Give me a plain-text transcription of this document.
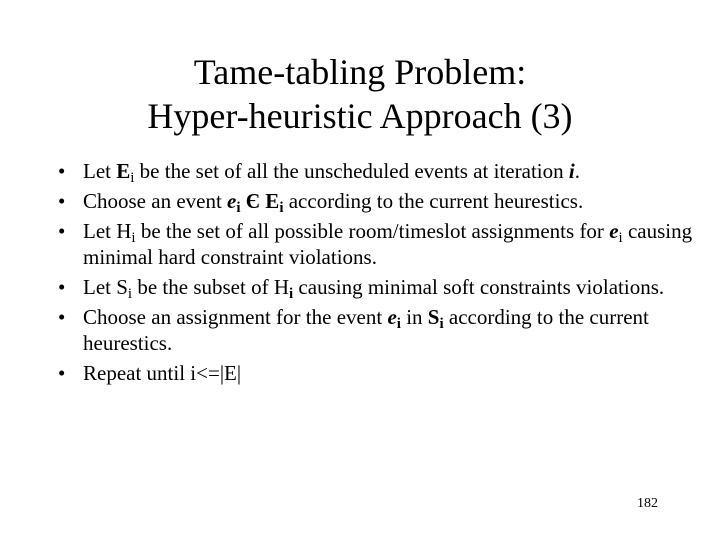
Tame-tabling Problem:
Hyper-heuristic Approach (3)
• Let $E_i$ be the set of all the unscheduled events at iteration i.
• Choose an event $e_i$ Є $E_i$ according to the current heurestics.
• Let $H_i$ be the set of all possible room/timeslot assignments for $e_i$ causing minimal hard constraint violations.
• Let $S_i$ be the subset of $H_i$ causing minimal soft constraints violations.
• Choose an assignment for the event $e_i$ in $S_i$ according to the current heurestics.
• Repeat until i<=|E|
182
